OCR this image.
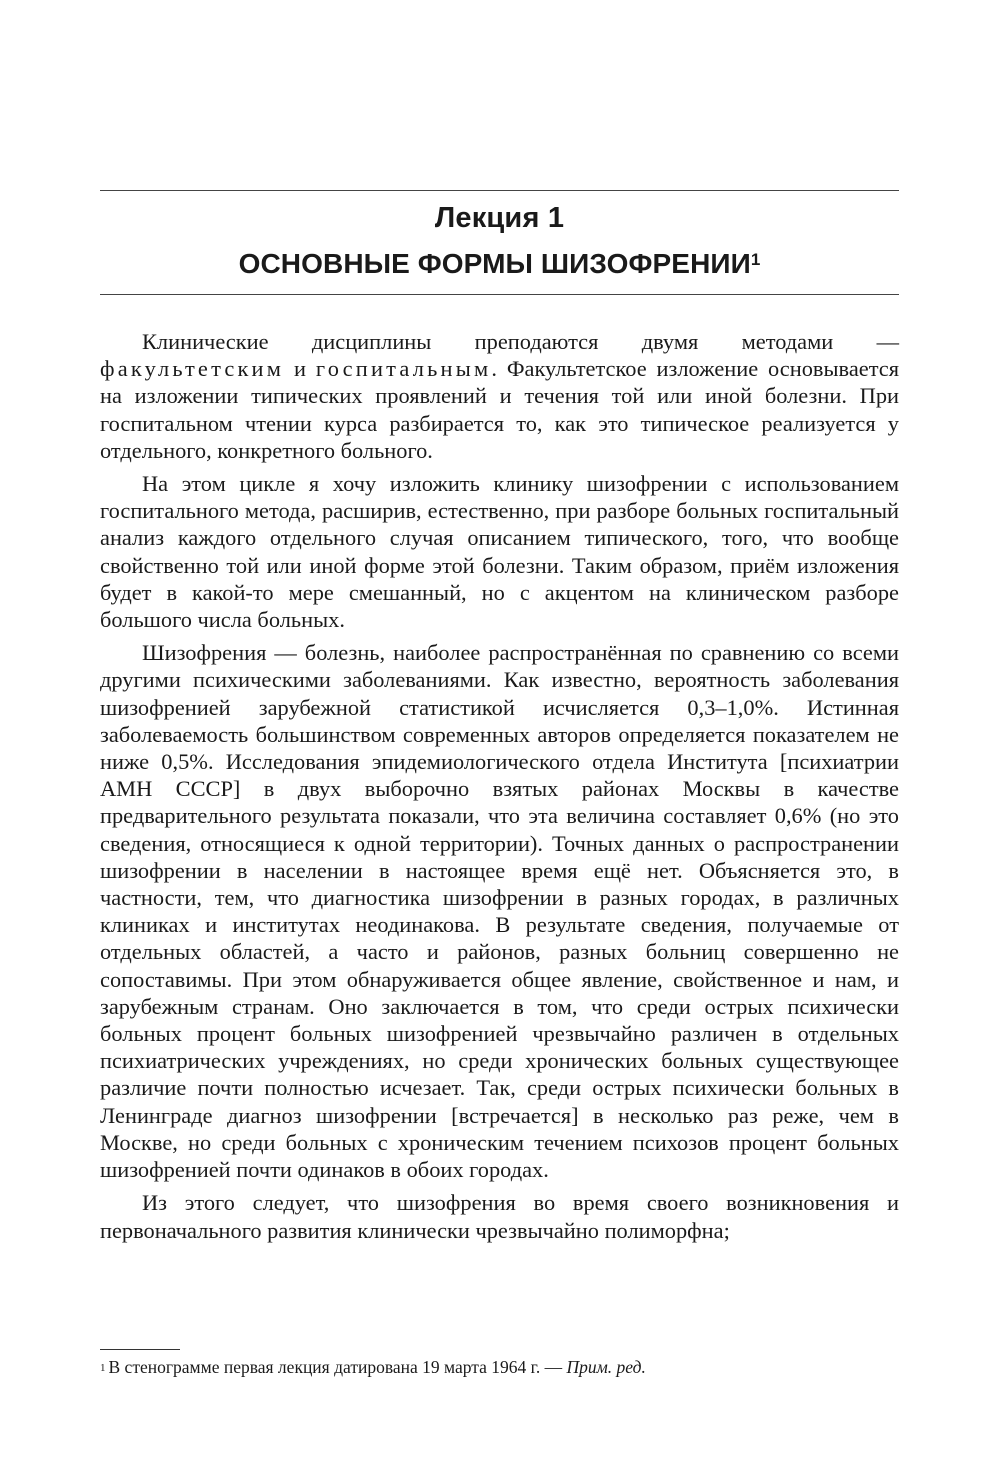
Лекция 1
ОСНОВНЫЕ ФОРМЫ ШИЗОФРЕНИИ$^1$

Клинические дисциплины преподаются двумя методами — факультетским и госпитальным. Факультетское изложение основывается на изложении типических проявлений и течения той или иной болезни. При госпитальном чтении курса разбирается то, как это типическое реализуется у отдельного, конкретного больного.

На этом цикле я хочу изложить клинику шизофрении с использованием госпитального метода, расширив, естественно, при разборе больных госпитальный анализ каждого отдельного случая описанием типического, того, что вообще свойственно той или иной форме этой болезни. Таким образом, приём изложения будет в какой-то мере смешанный, но с акцентом на клиническом разборе большого числа больных.

Шизофрения — болезнь, наиболее распространённая по сравнению со всеми другими психическими заболеваниями. Как известно, вероятность заболевания шизофренией зарубежной статистикой исчисляется 0,3–1,0%. Истинная заболеваемость большинством современных авторов определяется показателем не ниже 0,5%. Исследования эпидемиологического отдела Института [психиатрии АМН СССР] в двух выборочно взятых районах Москвы в качестве предварительного результата показали, что эта величина составляет 0,6% (но это сведения, относящиеся к одной территории). Точных данных о распространении шизофрении в населении в настоящее время ещё нет. Объясняется это, в частности, тем, что диагностика шизофрении в разных городах, в различных клиниках и институтах неодинакова. В результате сведения, получаемые от отдельных областей, а часто и районов, разных больниц совершенно не сопоставимы. При этом обнаруживается общее явление, свойственное и нам, и зарубежным странам. Оно заключается в том, что среди острых психически больных процент больных шизофренией чрезвычайно различен в отдельных психиатрических учреждениях, но среди хронических больных существующее различие почти полностью исчезает. Так, среди острых психически больных в Ленинграде диагноз шизофрении [встречается] в несколько раз реже, чем в Москве, но среди больных с хроническим течением психозов процент больных шизофренией почти одинаков в обоих городах.

Из этого следует, что шизофрения во время своего возникновения и первоначального развития клинически чрезвычайно полиморфна;

$^1$ В стенограмме первая лекция датирована 19 марта 1964 г. — Прим. ред.
